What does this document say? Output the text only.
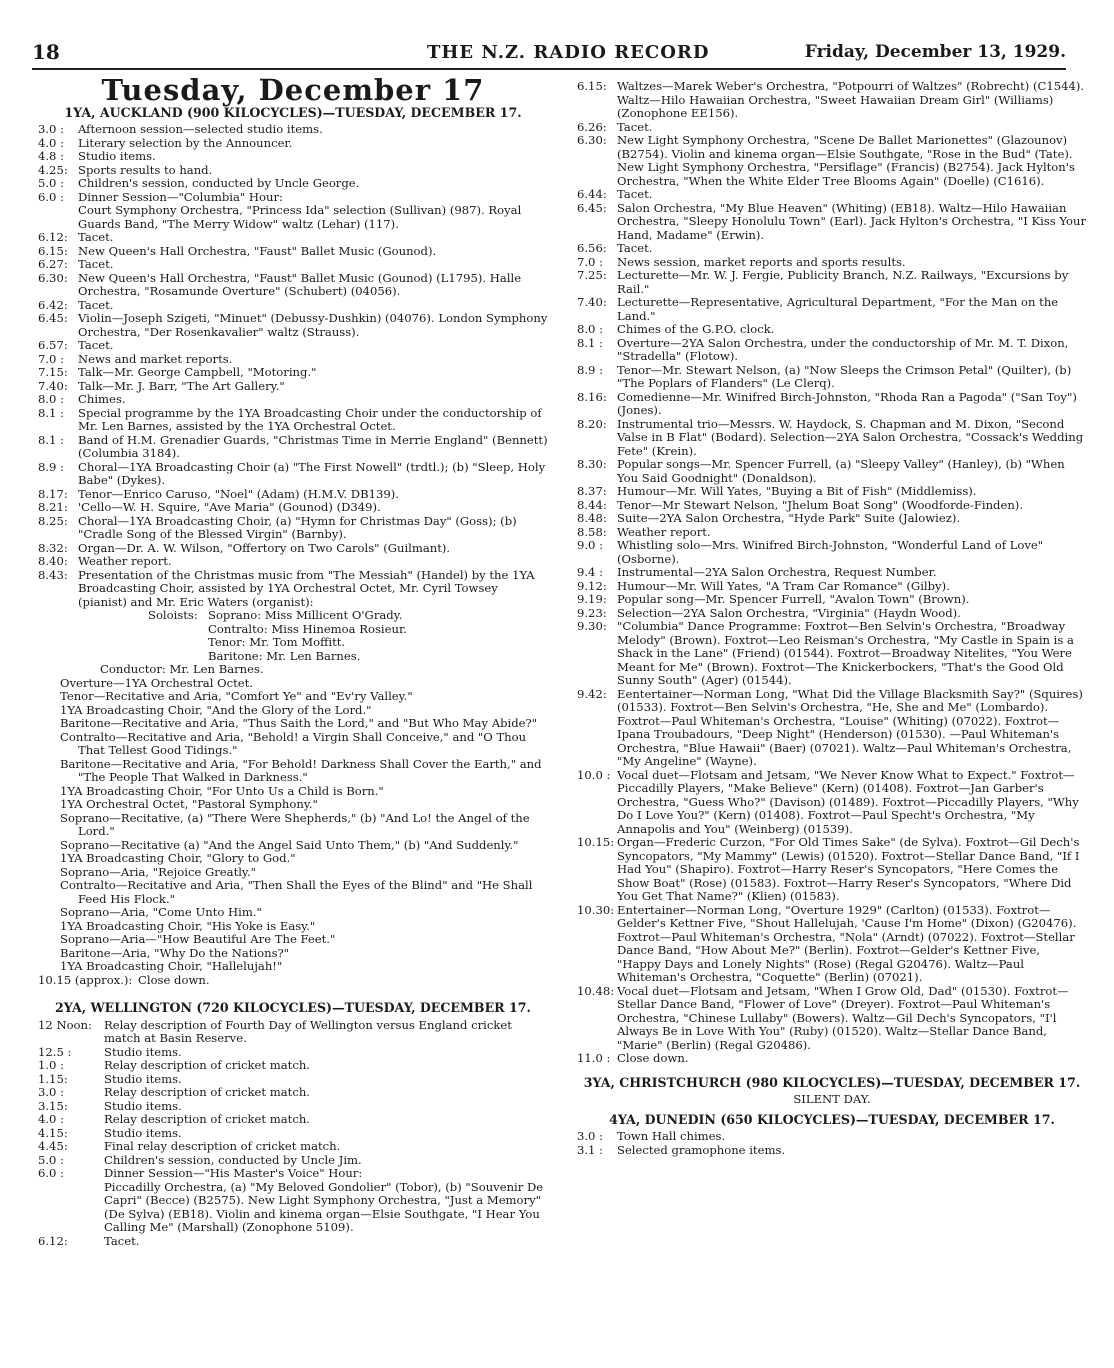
18	THE N.Z. RADIO RECORD	Friday, December 13, 1929.
Tuesday, December 17
1YA, AUCKLAND (900 KILOCYCLES)—TUESDAY, DECEMBER 17.
3.0 :	Afternoon session—selected studio items.
4.0 :	Literary selection by the Announcer.
4.8 :	Studio items.
4.25: Sports results to hand.
5.0 :	Children's session, conducted by Uncle George.
6.0 :	Dinner Session—"Columbia" Hour:
Court Symphony Orchestra, "Princess Ida" selection (Sullivan) (987). Royal Guards Band, "The Merry Widow" waltz (Lehar) (117).
6.12: Tacet.
6.15: New Queen's Hall Orchestra, "Faust" Ballet Music (Gounod).
6.27: Tacet.
6.30: New Queen's Hall Orchestra, "Faust" Ballet Music (Gounod) (L1795). Halle Orchestra, "Rosamunde Overture" (Schubert) (04056).
6.42: Tacet.
6.45: Violin—Joseph Szigeti, "Minuet" (Debussy-Dushkin) (04076). London Symphony Orchestra, "Der Rosenkavalier" waltz (Strauss).
6.57: Tacet.
7.0 :	News and market reports.
7.15: Talk—Mr. George Campbell, "Motoring."
7.40: Talk—Mr. J. Barr, "The Art Gallery."
8.0 :	Chimes.
8.1 :	Special programme by the 1YA Broadcasting Choir under the conductorship of Mr. Len Barnes, assisted by the 1YA Orchestral Octet.
8.1 :	Band of H.M. Grenadier Guards, "Christmas Time in Merrie England" (Bennett) (Columbia 3184).
8.9 :	Choral—1YA Broadcasting Choir (a) "The First Nowell" (trdtl.); (b) "Sleep, Holy Babe" (Dykes).
8.17: Tenor—Enrico Caruso, "Noel" (Adam) (H.M.V. DB139).
8.21: 'Cello—W. H. Squire, "Ave Maria" (Gounod) (D349).
8.25: Choral—1YA Broadcasting Choir, (a) "Hymn for Christmas Day" (Goss); (b) "Cradle Song of the Blessed Virgin" (Barnby).
8.32: Organ—Dr. A. W. Wilson, "Offertory on Two Carols" (Guilmant).
8.40: Weather report.
8.43: Presentation of the Christmas music from "The Messiah" (Handel) by the 1YA Broadcasting Choir, assisted by 1YA Orchestral Octet, Mr. Cyril Towsey (pianist) and Mr. Eric Waters (organist):
Soloists: Soprano: Miss Millicent O'Grady.
Contralto: Miss Hinemoa Rosieur.
Tenor: Mr. Tom Moffitt.
Baritone: Mr. Len Barnes.
Conductor: Mr. Len Barnes.
Overture—1YA Orchestral Octet.
Tenor—Recitative and Aria, "Comfort Ye" and "Ev'ry Valley."
1YA Broadcasting Choir, "And the Glory of the Lord."
Baritone—Recitative and Aria, "Thus Saith the Lord," and "But Who May Abide?"
Contralto—Recitative and Aria, "Behold! a Virgin Shall Conceive," and "O Thou That Tellest Good Tidings."
Baritone—Recitative and Aria, "For Behold! Darkness Shall Cover the Earth," and "The People That Walked in Darkness."
1YA Broadcasting Choir, "For Unto Us a Child is Born."
1YA Orchestral Octet, "Pastoral Symphony."
Soprano—Recitative, (a) "There Were Shepherds," (b) "And Lo! the Angel of the Lord."
Soprano—Recitative (a) "And the Angel Said Unto Them," (b) "And Suddenly."
1YA Broadcasting Choir, "Glory to God."
Soprano—Aria, "Rejoice Greatly."
Contralto—Recitative and Aria, "Then Shall the Eyes of the Blind" and "He Shall Feed His Flock."
Soprano—Aria, "Come Unto Him."
1YA Broadcasting Choir, "His Yoke is Easy."
Soprano—Aria—"How Beautiful Are The Feet."
Baritone—Aria, "Why Do the Nations?"
1YA Broadcasting Choir, "Hallelujah!"
10.15 (approx.): Close down.
2YA, WELLINGTON (720 KILOCYCLES)—TUESDAY, DECEMBER 17.
12 Noon:	Relay description of Fourth Day of Wellington versus England cricket match at Basin Reserve.
12.5 :	Studio items.
1.0 :	Relay description of cricket match.
1.15:	Studio items.
3.0 :	Relay description of cricket match.
3.15:	Studio items.
4.0 :	Relay description of cricket match.
4.15:	Studio items.
4.45:	Final relay description of cricket match.
5.0 :	Children's session, conducted by Uncle Jim.
6.0 :	Dinner Session—"His Master's Voice" Hour:
Piccadilly Orchestra, (a) "My Beloved Gondolier" (Tobor), (b) "Souvenir De Capri" (Becce) (B2575). New Light Symphony Orchestra, "Just a Memory" (De Sylva) (EB18). Violin and kinema organ—Elsie Southgate, "I Hear You Calling Me" (Marshall) (Zonophone 5109).
6.12:	Tacet.
6.15: Waltzes—Marek Weber's Orchestra, "Potpourri of Waltzes" (Robrecht) (C1544). Waltz—Hilo Hawaiian Orchestra, "Sweet Hawaiian Dream Girl" (Williams) (Zonophone EE156).
6.26: Tacet.
6.30: New Light Symphony Orchestra, "Scene De Ballet Marionettes" (Glazounov) (B2754). Violin and kinema organ—Elsie Southgate, "Rose in the Bud" (Tate). New Light Symphony Orchestra, "Persiflage" (Francis) (B2754). Jack Hylton's Orchestra, "When the White Elder Tree Blooms Again" (Doelle) (C1616).
6.44: Tacet.
6.45: Salon Orchestra, "My Blue Heaven" (Whiting) (EB18). Waltz—Hilo Hawaiian Orchestra, "Sleepy Honolulu Town" (Earl). Jack Hylton's Orchestra, "I Kiss Your Hand, Madame" (Erwin).
6.56: Tacet.
7.0 :	News session, market reports and sports results.
7.25: Lecturette—Mr. W. J. Fergie, Publicity Branch, N.Z. Railways, "Excursions by Rail."
7.40: Lecturette—Representative, Agricultural Department, "For the Man on the Land."
8.0 :	Chimes of the G.P.O. clock.
8.1 :	Overture—2YA Salon Orchestra, under the conductorship of Mr. M. T. Dixon, "Stradella" (Flotow).
8.9 :	Tenor—Mr. Stewart Nelson, (a) "Now Sleeps the Crimson Petal" (Quilter), (b) "The Poplars of Flanders" (Le Clerq).
8.16: Comedienne—Mr. Winifred Birch-Johnston, "Rhoda Ran a Pagoda" ("San Toy") (Jones).
8.20: Instrumental trio—Messrs. W. Haydock, S. Chapman and M. Dixon, "Second Valse in B Flat" (Bodard). Selection—2YA Salon Orchestra, "Cossack's Wedding Fete" (Krein).
8.30: Popular songs—Mr. Spencer Furrell, (a) "Sleepy Valley" (Hanley), (b) "When You Said Goodnight" (Donaldson).
8.37: Humour—Mr. Will Yates, "Buying a Bit of Fish" (Middlemiss).
8.44: Tenor—Mr Stewart Nelson, "Jhelum Boat Song" (Woodforde-Finden).
8.48: Suite—2YA Salon Orchestra, "Hyde Park" Suite (Jalowiez).
8.58: Weather report.
9.0 :	Whistling solo—Mrs. Winifred Birch-Johnston, "Wonderful Land of Love" (Osborne).
9.4 :	Instrumental—2YA Salon Orchestra, Request Number.
9.12: Humour—Mr. Will Yates, "A Tram Car Romance" (Gilby).
9.19: Popular song—Mr. Spencer Furrell, "Avalon Town" (Brown).
9.23: Selection—2YA Salon Orchestra, "Virginia" (Haydn Wood).
9.30: "Columbia" Dance Programme: Foxtrot—Ben Selvin's Orchestra, "Broadway Melody" (Brown). Foxtrot—Leo Reisman's Orchestra, "My Castle in Spain is a Shack in the Lane" (Friend) (01544). Foxtrot—Broadway Nitelites, "You Were Meant for Me" (Brown). Foxtrot—The Knickerbockers, "That's the Good Old Sunny South" (Ager) (01544).
9.42: Eentertainer—Norman Long, "What Did the Village Blacksmith Say?" (Squires) (01533). Foxtrot—Ben Selvin's Orchestra, "He, She and Me" (Lombardo). Foxtrot—Paul Whiteman's Orchestra, "Louise" (Whiting) (07022). Foxtrot—Ipana Troubadours, "Deep Night" (Henderson) (01530). —Paul Whiteman's Orchestra, "Blue Hawaii" (Baer) (07021). Waltz—Paul Whiteman's Orchestra, "My Angeline" (Wayne).
10.0 : Vocal duet—Flotsam and Jetsam, "We Never Know What to Expect." Foxtrot—Piccadilly Players, "Make Believe" (Kern) (01408). Foxtrot—Jan Garber's Orchestra, "Guess Who?" (Davison) (01489). Foxtrot—Piccadilly Players, "Why Do I Love You?" (Kern) (01408). Foxtrot—Paul Specht's Orchestra, "My Annapolis and You" (Weinberg) (01539).
10.15: Organ—Frederic Curzon, "For Old Times Sake" (de Sylva). Foxtrot—Gil Dech's Syncopators, "My Mammy" (Lewis) (01520). Foxtrot—Stellar Dance Band, "If I Had You" (Shapiro). Foxtrot—Harry Reser's Syncopators, "Here Comes the Show Boat" (Rose) (01583). Foxtrot—Harry Reser's Syncopators, "Where Did You Get That Name?" (Klien) (01583).
10.30: Entertainer—Norman Long, "Overture 1929" (Carlton) (01533). Foxtrot—Gelder's Kettner Five, "Shout Hallelujah, 'Cause I'm Home" (Dixon) (G20476). Foxtrot—Paul Whiteman's Orchestra, "Nola" (Arndt) (07022). Foxtrot—Stellar Dance Band, "How About Me?" (Berlin). Foxtrot—Gelder's Kettner Five, "Happy Days and Lonely Nights" (Rose) (Regal G20476). Waltz—Paul Whiteman's Orchestra, "Coquette" (Berlin) (07021).
10.48: Vocal duet—Flotsam and Jetsam, "When I Grow Old, Dad" (01530). Foxtrot—Stellar Dance Band, "Flower of Love" (Dreyer). Foxtrot—Paul Whiteman's Orchestra, "Chinese Lullaby" (Bowers). Waltz—Gil Dech's Syncopators, "I'l Always Be in Love With You" (Ruby) (01520). Waltz—Stellar Dance Band, "Marie" (Berlin) (Regal G20486).
11.0 : Close down.
3YA, CHRISTCHURCH (980 KILOCYCLES)—TUESDAY, DECEMBER 17.
SILENT DAY.
4YA, DUNEDIN (650 KILOCYCLES)—TUESDAY, DECEMBER 17.
3.0 :	Town Hall chimes.
3.1 :	Selected gramophone items.
